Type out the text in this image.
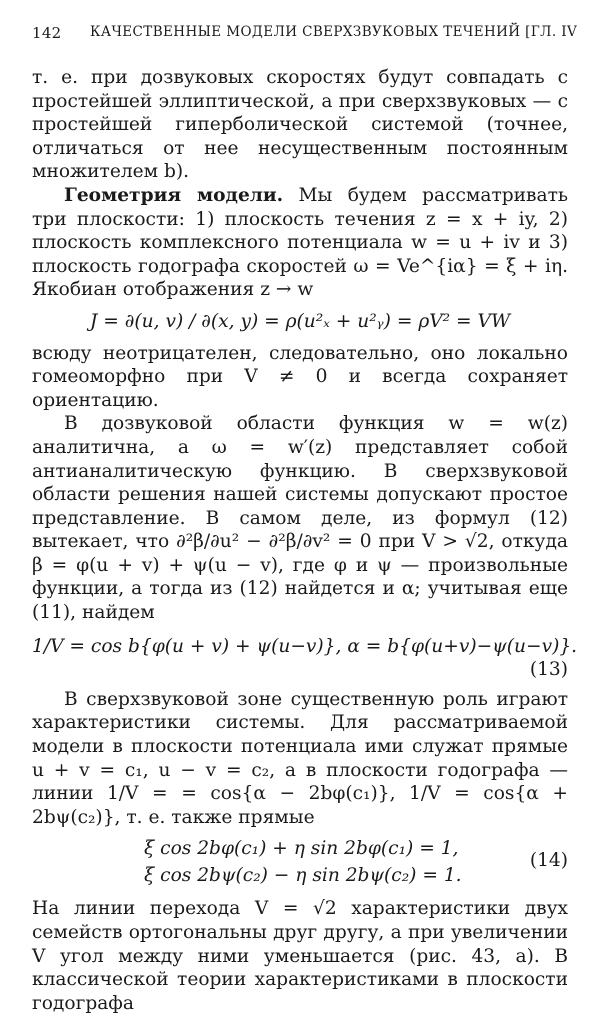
142 КАЧЕСТВЕННЫЕ МОДЕЛИ СВЕРХЗВУКОВЫХ ТЕЧЕНИЙ [ГЛ. IV

т. е. при дозвуковых скоростях будут совпадать с простейшей эллиптической, а при сверхзвуковых — с простейшей гиперболической системой (точнее, отличаться от нее несущественным постоянным множителем b).

Геометрия модели. Мы будем рассматривать три плоскости: 1) плоскость течения z = x + iy, 2) плоскость комплексного потенциала w = u + iv и 3) плоскость годографа скоростей ω = Ve^{iα} = ξ + iη. Якобиан отображения z → w

J = ∂(u, v) / ∂(x, y) = ρ(u²ₓ + u²ᵧ) = ρV² = VW

всюду неотрицателен, следовательно, оно локально гомеоморфно при V ≠ 0 и всегда сохраняет ориентацию.

В дозвуковой области функция w = w(z) аналитична, а ω = w′(z) представляет собой антианалитическую функцию. В сверхзвуковой области решения нашей системы допускают простое представление. В самом деле, из формул (12) вытекает, что ∂²β/∂u² − ∂²β/∂v² = 0 при V > √2, откуда β = φ(u + v) + ψ(u − v), где φ и ψ — произвольные функции, а тогда из (12) найдется и α; учитывая еще (11), найдем

1/V = cos b{φ(u + v) + ψ(u−v)}, α = b{φ(u+v)−ψ(u−v)}.
(13)

В сверхзвуковой зоне существенную роль играют характеристики системы. Для рассматриваемой модели в плоскости потенциала ими служат прямые u + v = c₁, u − v = c₂, а в плоскости годографа — линии 1/V = = cos{α − 2bφ(c₁)}, 1/V = cos{α + 2bψ(c₂)}, т. е. также прямые

ξ cos 2bφ(c₁) + η sin 2bφ(c₁) = 1,
ξ cos 2bψ(c₂) − η sin 2bψ(c₂) = 1.
(14)

На линии перехода V = √2 характеристики двух семейств ортогональны друг другу, а при увеличении V угол между ними уменьшается (рис. 43, a). В классической теории характеристиками в плоскости годографа
